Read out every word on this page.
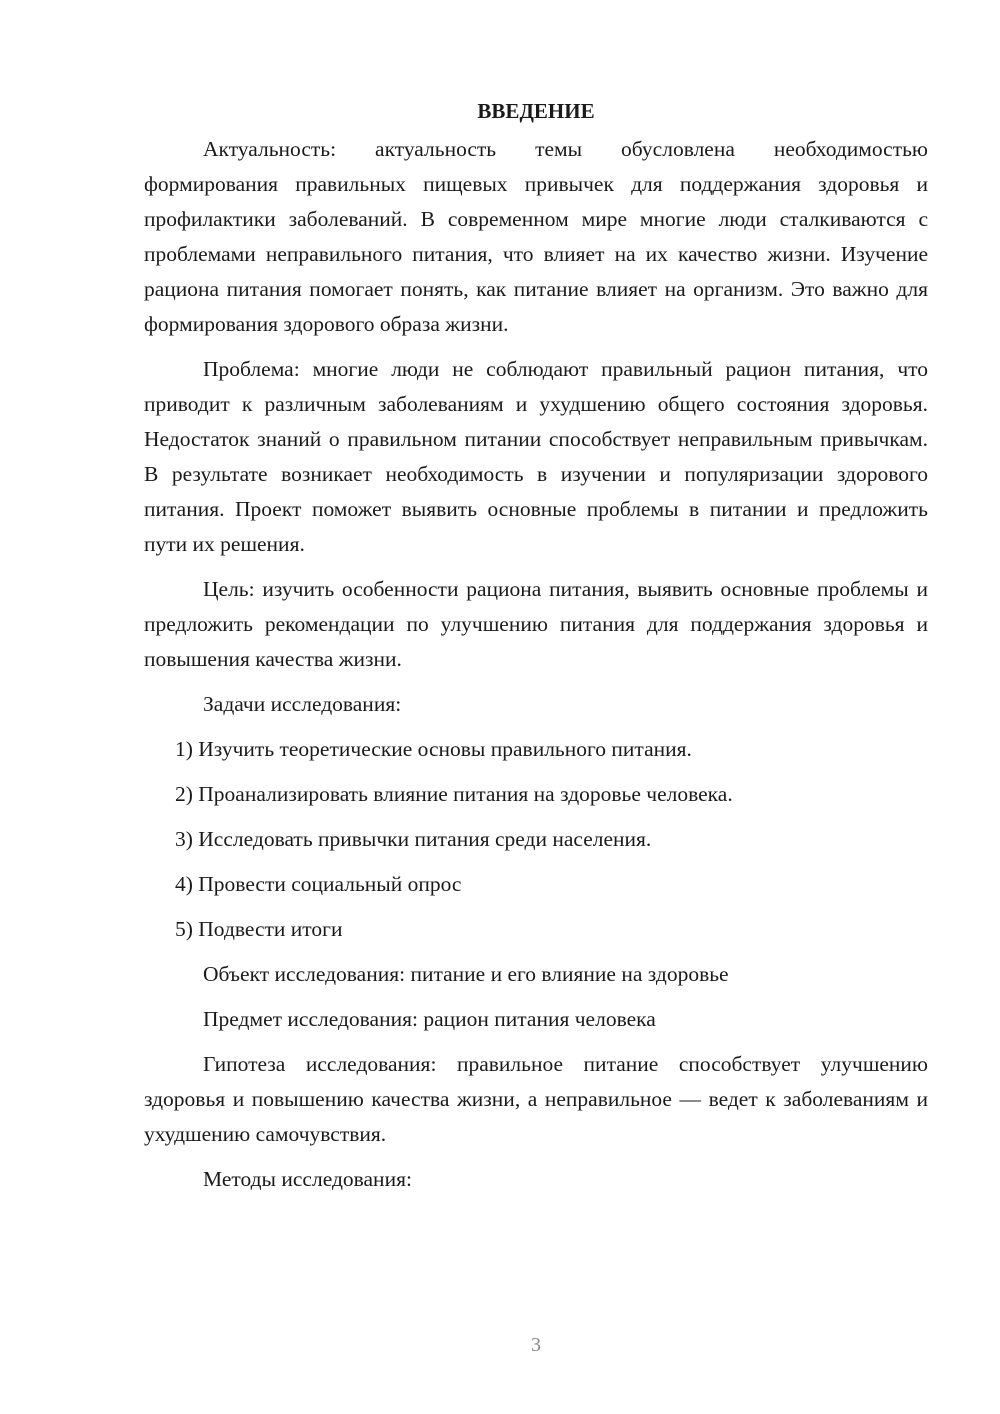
ВВЕДЕНИЕ

Актуальность: актуальность темы обусловлена необходимостью формирования правильных пищевых привычек для поддержания здоровья и профилактики заболеваний. В современном мире многие люди сталкиваются с проблемами неправильного питания, что влияет на их качество жизни. Изучение рациона питания помогает понять, как питание влияет на организм. Это важно для формирования здорового образа жизни.

Проблема: многие люди не соблюдают правильный рацион питания, что приводит к различным заболеваниям и ухудшению общего состояния здоровья. Недостаток знаний о правильном питании способствует неправильным привычкам. В результате возникает необходимость в изучении и популяризации здорового питания. Проект поможет выявить основные проблемы в питании и предложить пути их решения.

Цель: изучить особенности рациона питания, выявить основные проблемы и предложить рекомендации по улучшению питания для поддержания здоровья и повышения качества жизни.

Задачи исследования:

1) Изучить теоретические основы правильного питания.
2) Проанализировать влияние питания на здоровье человека.
3) Исследовать привычки питания среди населения.
4) Провести социальный опрос
5) Подвести итоги

Объект исследования: питание и его влияние на здоровье

Предмет исследования: рацион питания человека

Гипотеза исследования: правильное питание способствует улучшению здоровья и повышению качества жизни, а неправильное — ведет к заболеваниям и ухудшению самочувствия.

Методы исследования:

3
